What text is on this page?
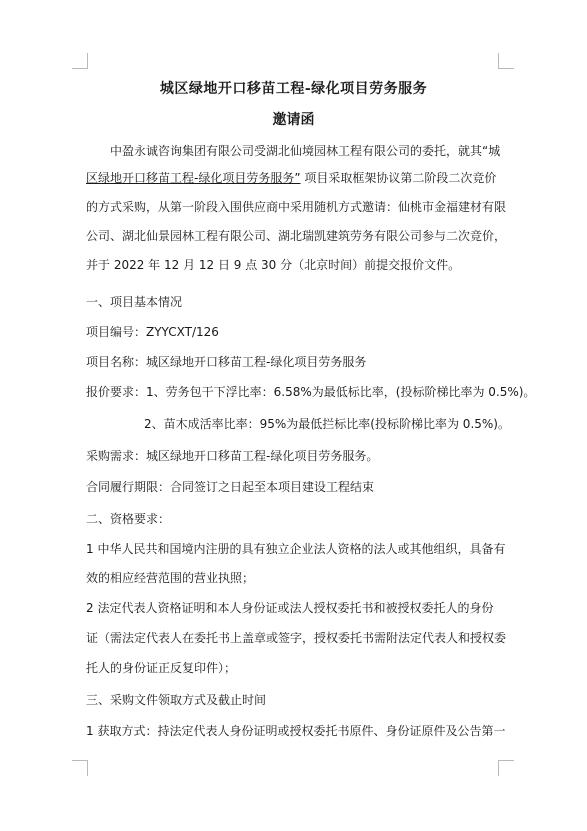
城区绿地开口移苗工程-绿化项目劳务服务
邀请函
中盈永诚咨询集团有限公司受湖北仙境园林工程有限公司的委托，就其“城
区绿地开口移苗工程-绿化项目劳务服务” 项目采取框架协议第二阶段二次竞价
的方式采购，从第一阶段入围供应商中采用随机方式邀请：仙桃市金福建材有限
公司、湖北仙景园林工程有限公司、湖北瑞凯建筑劳务有限公司参与二次竞价，
并于 2022 年 12 月 12 日 9 点 30 分（北京时间）前提交报价文件。
一、项目基本情况
项目编号：ZYYCXT/126
项目名称：城区绿地开口移苗工程-绿化项目劳务服务
报价要求：1、劳务包干下浮比率：6.58%为最低标比率，(投标阶梯比率为 0.5%)。
2、苗木成活率比率：95%为最低拦标比率(投标阶梯比率为 0.5%)。
采购需求：城区绿地开口移苗工程-绿化项目劳务服务。
合同履行期限：合同签订之日起至本项目建设工程结束
二、资格要求：
1 中华人民共和国境内注册的具有独立企业法人资格的法人或其他组织，具备有
效的相应经营范围的营业执照；
2 法定代表人资格证明和本人身份证或法人授权委托书和被授权委托人的身份
证（需法定代表人在委托书上盖章或签字，授权委托书需附法定代表人和授权委
托人的身份证正反复印件）；
三、采购文件领取方式及截止时间
1 获取方式：持法定代表人身份证明或授权委托书原件、身份证原件及公告第一
